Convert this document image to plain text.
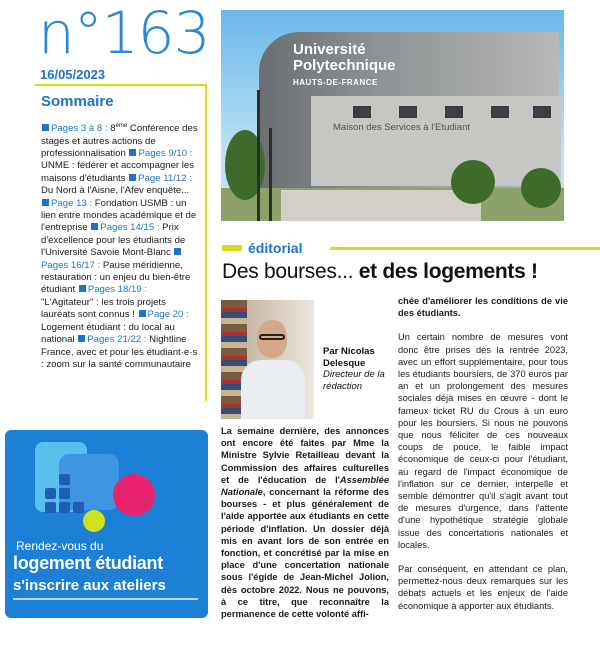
n°163
16/05/2023
Sommaire
Pages 3 à 8 : 8ème Conférence des stages et autres actions de professionnalisation Pages 9/10 : UNME : fédérer et accompagner les maisons d'étudiants Page 11/12 : Du Nord à l'Aisne, l'Afev enquête... Page 13 : Fondation USMB : un lien entre mondes académique et de l'entreprise Pages 14/15 : Prix d'excellence pour les étudiants de l'Université Savoie Mont-Blanc Pages 16/17 : Pause méridienne, restauration : un enjeu du bien-être étudiant Pages 18/19 : "L'Agitateur" : les trois projets lauréats sont connus ! Page 20 : Logement étudiant : du local au national Pages 21/22 : Nightline France, avec et pour les étudiant·e·s : zoom sur la santé communautaire
Rendez-vous du
logement étudiant
s'inscrire aux ateliers
Université
Polytechnique
HAUTS-DE-FRANCE
Maison des Services à l'Etudiant
éditorial
Des bourses... et des logements !
Par Nicolas Delesque
Directeur de la rédaction
La semaine dernière, des annonces ont encore été faites par Mme la Ministre Sylvie Retailleau devant la Commission des affaires culturelles et de l'éducation de l'Assemblée Nationale, concernant la réforme des bourses - et plus généralement de l'aide apportée aux étudiants en cette période d'inflation. Un dossier déjà mis en avant lors de son entrée en fonction, et concrétisé par la mise en place d'une concertation nationale sous l'égide de Jean-Michel Jolion, dès octobre 2022. Nous ne pouvons, à ce titre, que reconnaître la permanence de cette volonté affi-

chée d'améliorer les conditions de vie des étudiants.

Un certain nombre de mesures vont donc être prises dès la rentrée 2023, avec un effort supplémentaire, pour tous les étudiants boursiers, de 370 euros par an et un prolongement des mesures sociales déjà mises en œuvre - dont le fameux ticket RU du Crous à un euro pour les boursiers. Si nous ne pouvons que nous féliciter de ces nouveaux coups de pouce, le faible impact économique de ceux-ci pour l'étudiant, au regard de l'impact économique de l'inflation sur ce dernier, interpelle et semble démontrer qu'il s'agit avant tout de mesures d'urgence, dans l'attente d'une hypothétique stratégie globale issue des concertations nationales et locales.

Par conséquent, en attendant ce plan, permettez-nous deux remarques sur les débats actuels et les enjeux de l'aide économique à apporter aux étudiants.
